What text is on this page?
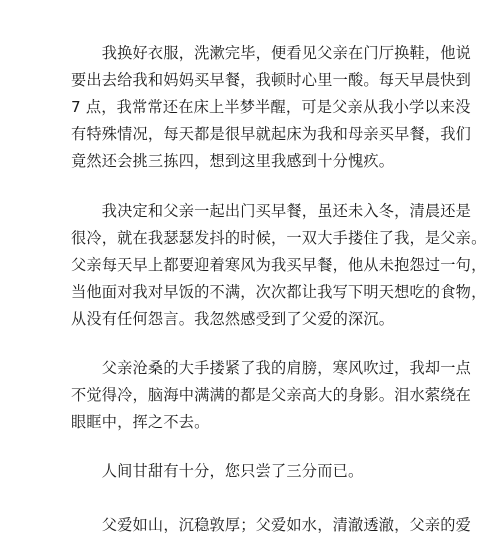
　　我换好衣服，洗漱完毕，便看见父亲在门厅换鞋，他说
要出去给我和妈妈买早餐，我顿时心里一酸。每天早晨快到
7 点，我常常还在床上半梦半醒，可是父亲从我小学以来没
有特殊情况，每天都是很早就起床为我和母亲买早餐，我们
竟然还会挑三拣四，想到这里我感到十分愧疚。
　　我决定和父亲一起出门买早餐，虽还未入冬，清晨还是
很冷，就在我瑟瑟发抖的时候，一双大手搂住了我，是父亲。
父亲每天早上都要迎着寒风为我买早餐，他从未抱怨过一句，
当他面对我对早饭的不满，次次都让我写下明天想吃的食物，
从没有任何怨言。我忽然感受到了父爱的深沉。
　　父亲沧桑的大手搂紧了我的肩膀，寒风吹过，我却一点
不觉得冷，脑海中满满的都是父亲高大的身影。泪水萦绕在
眼眶中，挥之不去。
　　人间甘甜有十分，您只尝了三分而已。
　　父爱如山，沉稳敦厚；父爱如水，清澈透澈，父亲的爱
